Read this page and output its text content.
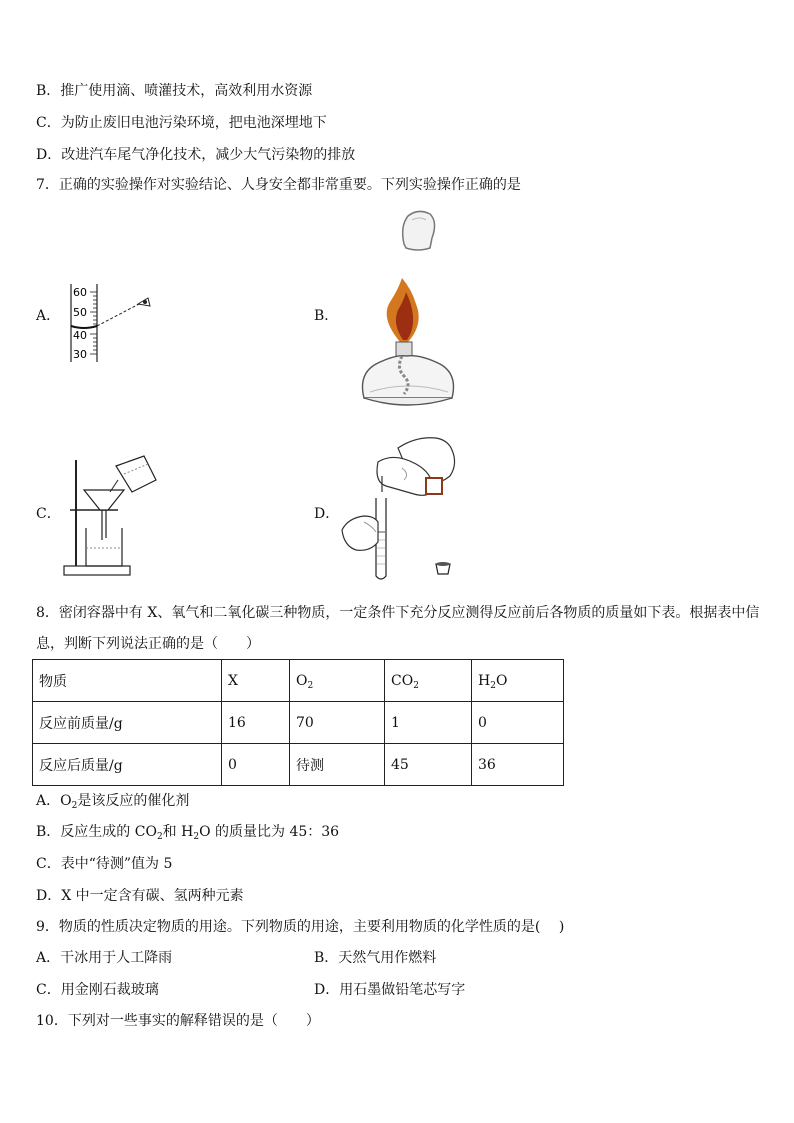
B．推广使用滴、喷灌技术，高效利用水资源
C．为防止废旧电池污染环境，把电池深埋地下
D．改进汽车尾气净化技术，减少大气污染物的排放
7．正确的实验操作对实验结论、人身安全都非常重要。下列实验操作正确的是
A．
60
50
40
30
B．
C．	D．
8．密闭容器中有 X、氧气和二氧化碳三种物质，一定条件下充分反应测得反应前后各物质的质量如下表。根据表中信
息，判断下列说法正确的是（　　）
物质	X	$O_2$	$CO_2$	$H_2O$
反应前质量/g	16	70	1	0
反应后质量/g	0	待测	45	36
A．$O_2$是该反应的催化剂
B．反应生成的 $CO_2$和 $H_2O$ 的质量比为 45：36
C．表中“待测”值为 5
D．X 中一定含有碳、氢两种元素
9．物质的性质决定物质的用途。下列物质的用途，主要利用物质的化学性质的是(　 )
A．干冰用于人工降雨	B．天然气用作燃料
C．用金刚石裁玻璃	D．用石墨做铅笔芯写字
10．下列对一些事实的解释错误的是（　　）
